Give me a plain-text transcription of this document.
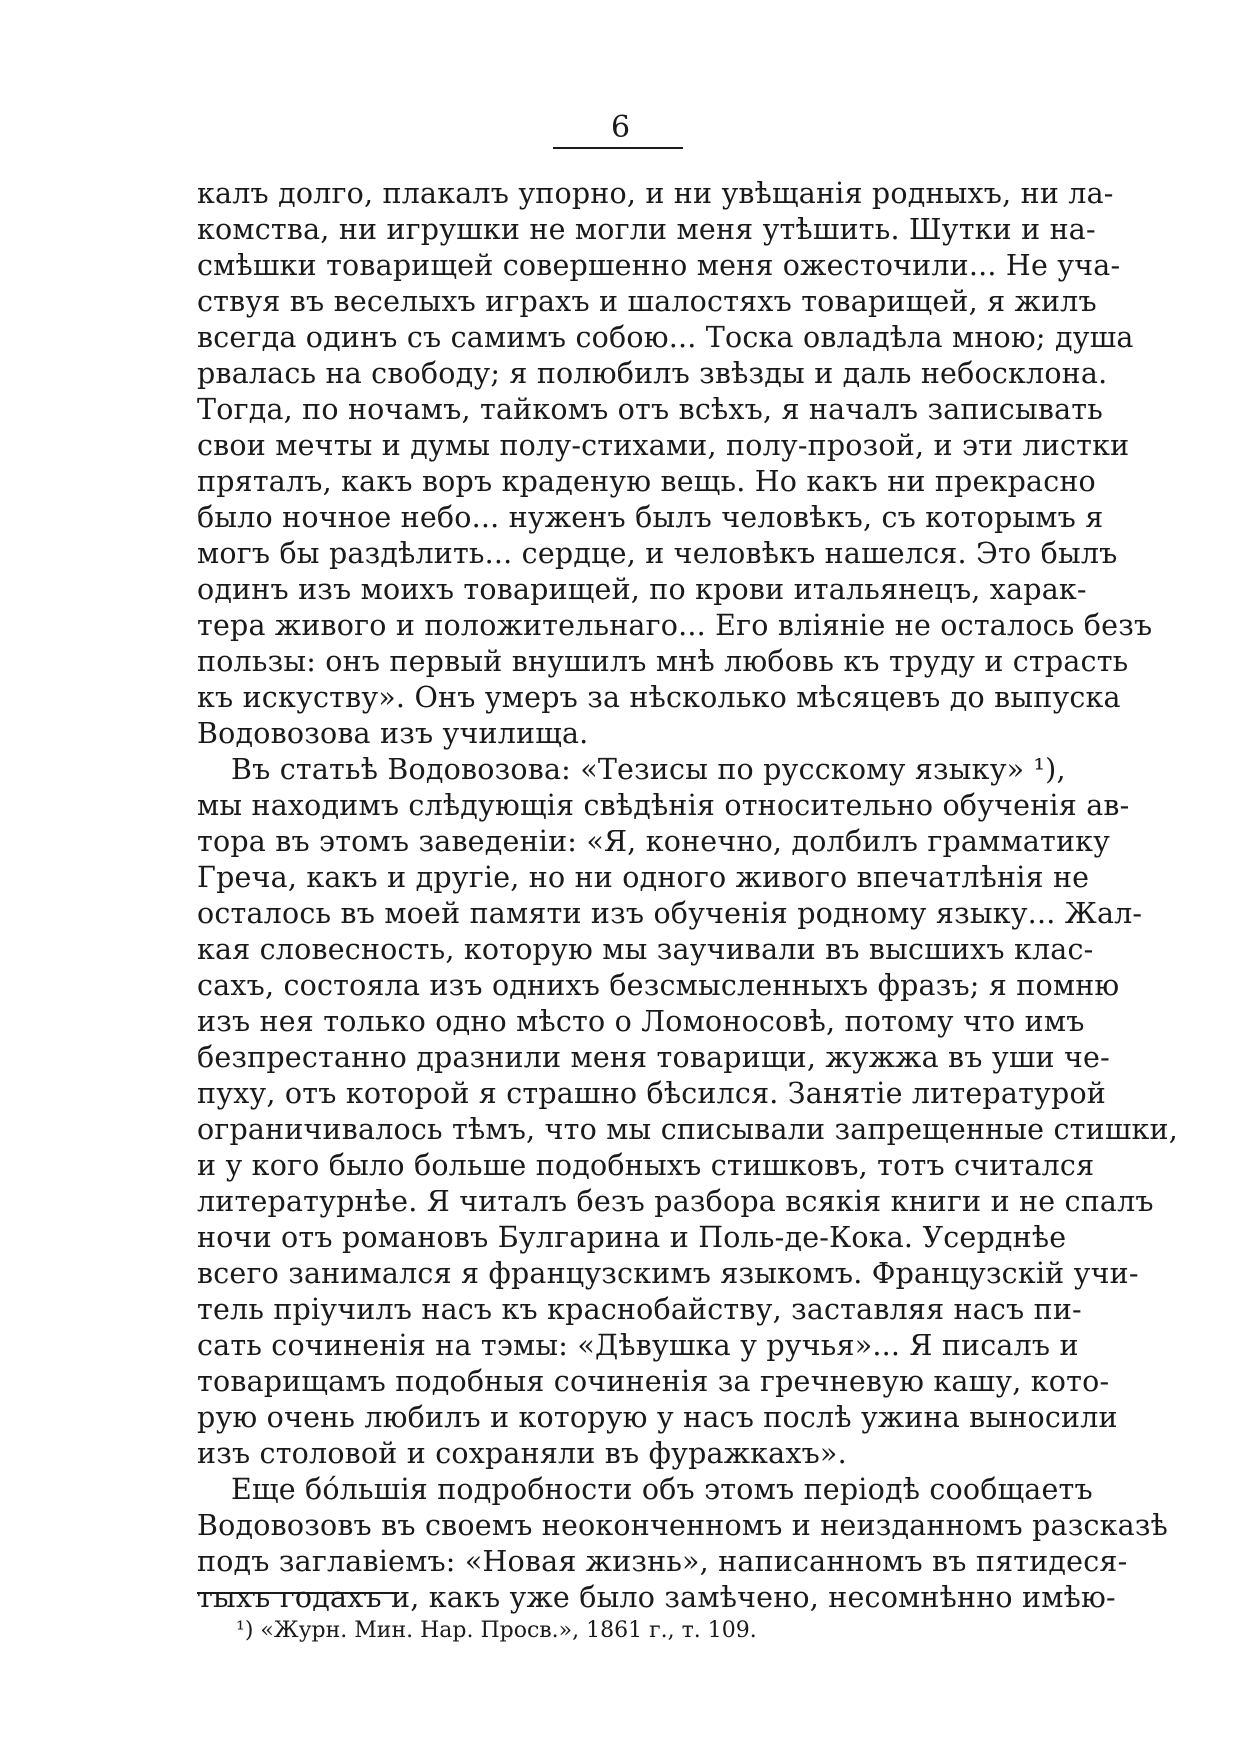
6
калъ долго, плакалъ упорно, и ни увѣщанія родныхъ, ни ла-
комства, ни игрушки не могли меня утѣшить. Шутки и на-
смѣшки товарищей совершенно меня ожесточили... Не уча-
ствуя въ веселыхъ играхъ и шалостяхъ товарищей, я жилъ
всегда одинъ съ самимъ собою... Тоска овладѣла мною; душа
рвалась на свободу; я полюбилъ звѣзды и даль небосклона.
Тогда, по ночамъ, тайкомъ отъ всѣхъ, я началъ записывать
свои мечты и думы полу-стихами, полу-прозой, и эти листки
пряталъ, какъ воръ краденую вещь. Но какъ ни прекрасно
было ночное небо... нуженъ былъ человѣкъ, съ которымъ я
могъ бы раздѣлить... сердце, и человѣкъ нашелся. Это былъ
одинъ изъ моихъ товарищей, по крови итальянецъ, харак-
тера живого и положительнаго... Его вліяніе не осталось безъ
пользы: онъ первый внушилъ мнѣ любовь къ труду и страсть
къ искуству». Онъ умеръ за нѣсколько мѣсяцевъ до выпуска
Водовозова изъ училища.
Въ статьѣ Водовозова: «Тезисы по русскому языку» ¹),
мы находимъ слѣдующія свѣдѣнія относительно обученія ав-
тора въ этомъ заведеніи: «Я, конечно, долбилъ грамматику
Греча, какъ и другіе, но ни одного живого впечатлѣнія не
осталось въ моей памяти изъ обученія родному языку... Жал-
кая словесность, которую мы заучивали въ высшихъ клас-
сахъ, состояла изъ однихъ безсмысленныхъ фразъ; я помню
изъ нея только одно мѣсто о Ломоносовѣ, потому что имъ
безпрестанно дразнили меня товарищи, жужжа въ уши че-
пуху, отъ которой я страшно бѣсился. Занятіе литературой
ограничивалось тѣмъ, что мы списывали запрещенные стишки,
и у кого было больше подобныхъ стишковъ, тотъ считался
литературнѣе. Я читалъ безъ разбора всякія книги и не спалъ
ночи отъ романовъ Булгарина и Поль-де-Кока. Усерднѣе
всего занимался я французскимъ языкомъ. Французскій учи-
тель пріучилъ насъ къ краснобайству, заставляя насъ пи-
сать сочиненія на тэмы: «Дѣвушка у ручья»... Я писалъ и
товарищамъ подобныя сочиненія за гречневую кашу, кото-
рую очень любилъ и которую у насъ послѣ ужина выносили
изъ столовой и сохраняли въ фуражкахъ».
Еще бо́льшія подробности объ этомъ періодѣ сообщаетъ
Водовозовъ въ своемъ неоконченномъ и неизданномъ разсказѣ
подъ заглавіемъ: «Новая жизнь», написанномъ въ пятидеся-
тыхъ годахъ и, какъ уже было замѣчено, несомнѣнно имѣю-
¹) «Журн. Мин. Нар. Просв.», 1861 г., т. 109.
